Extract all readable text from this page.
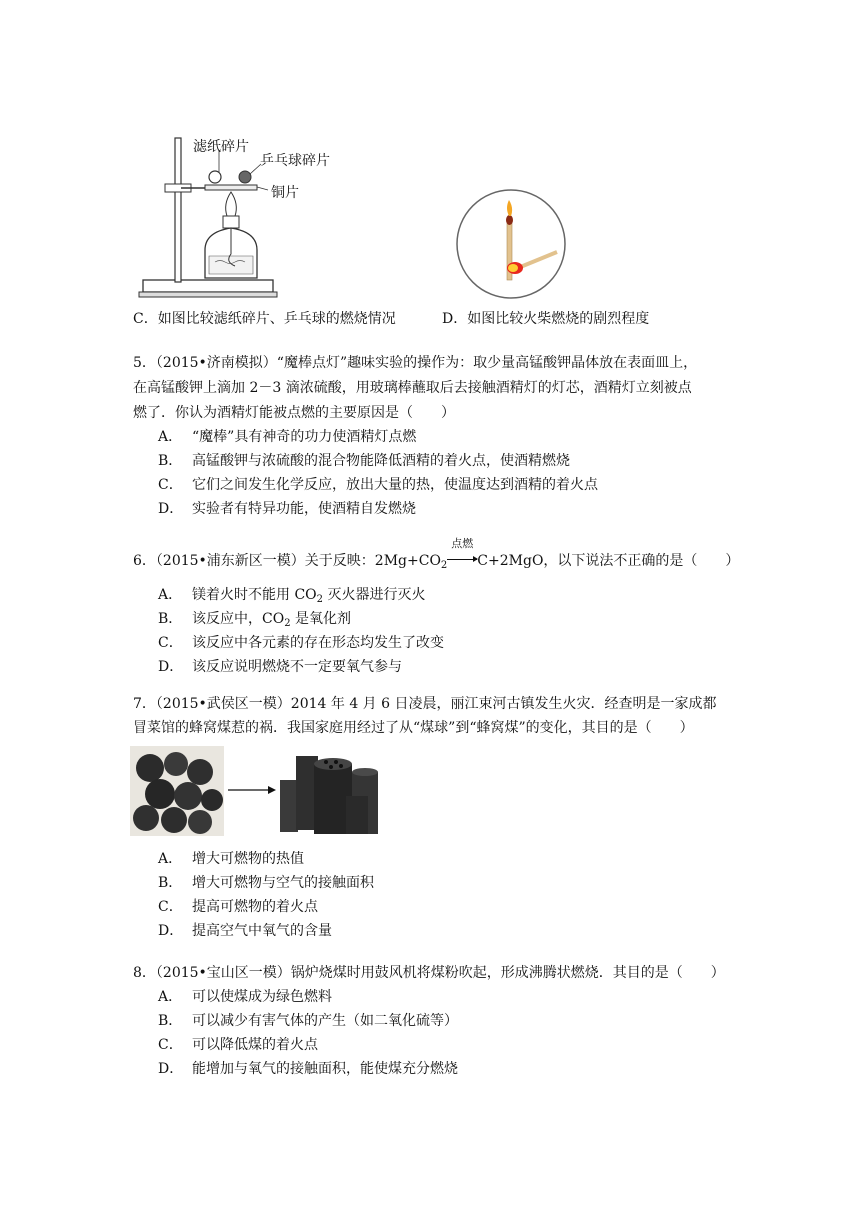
滤纸碎片
乒乓球碎片
铜片
C．如图比较滤纸碎片、乒乓球的燃烧情况	D．如图比较火柴燃烧的剧烈程度
5．（2015•济南模拟）“魔棒点灯”趣味实验的操作为：取少量高锰酸钾晶体放在表面皿上，
在高锰酸钾上滴加 2－3 滴浓硫酸，用玻璃棒蘸取后去接触酒精灯的灯芯，酒精灯立刻被点
燃了．你认为酒精灯能被点燃的主要原因是（　　）
A． “魔棒”具有神奇的功力使酒精灯点燃
B． 高锰酸钾与浓硫酸的混合物能降低酒精的着火点，使酒精燃烧
C． 它们之间发生化学反应，放出大量的热，使温度达到酒精的着火点
D． 实验者有特异功能，使酒精自发燃烧
6．（2015•浦东新区一模）关于反映：$2Mg+CO_2$
点燃
C+2MgO，以下说法不正确的是（　　）
A． 镁着火时不能用 $CO_2$ 灭火器进行灭火
B． 该反应中，$CO_2$ 是氧化剂
C． 该反应中各元素的存在形态均发生了改变
D． 该反应说明燃烧不一定要氧气参与
7．（2015•武侯区一模）2014 年 4 月 6 日凌晨，丽江束河古镇发生火灾．经查明是一家成都
冒菜馆的蜂窝煤惹的祸．我国家庭用经过了从“煤球”到“蜂窝煤”的变化，其目的是（　　）
A． 增大可燃物的热值
B． 增大可燃物与空气的接触面积
C． 提高可燃物的着火点
D． 提高空气中氧气的含量
8．（2015•宝山区一模）锅炉烧煤时用鼓风机将煤粉吹起，形成沸腾状燃烧．其目的是（　　）
A． 可以使煤成为绿色燃料
B． 可以减少有害气体的产生（如二氧化硫等）
C． 可以降低煤的着火点
D． 能增加与氧气的接触面积，能使煤充分燃烧
